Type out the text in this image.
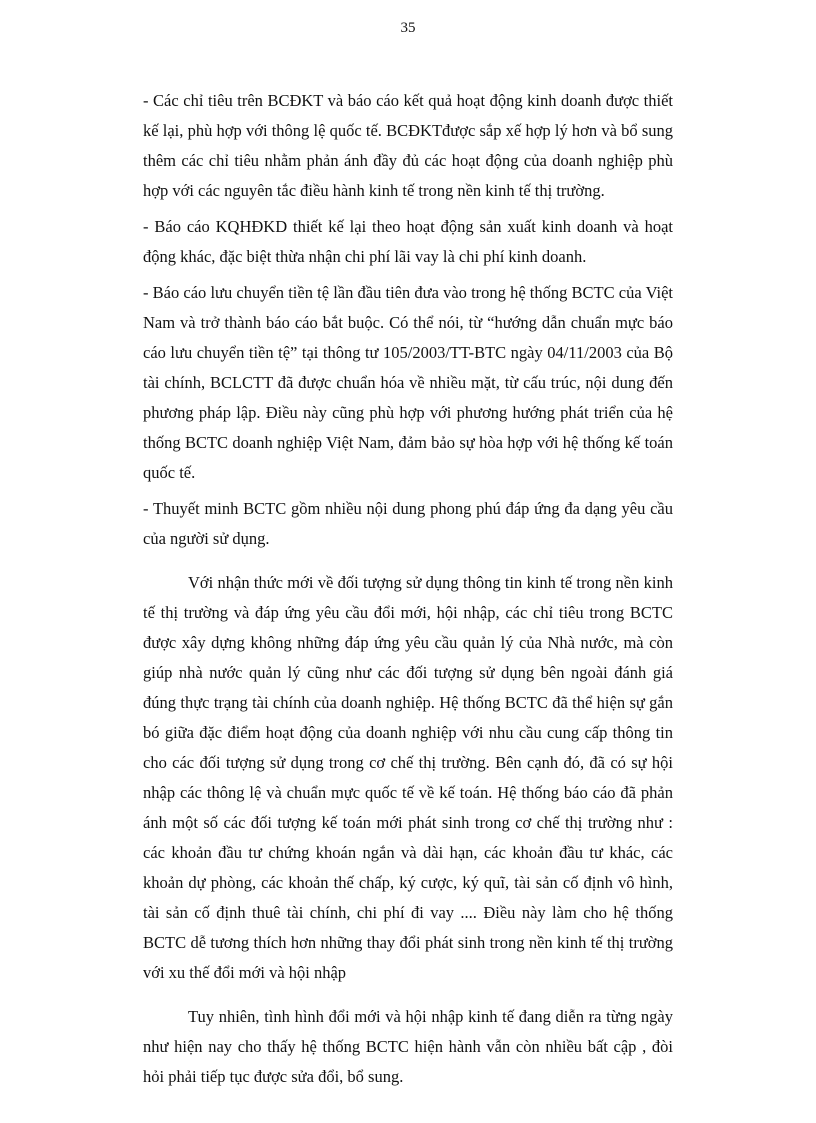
35

- Các chỉ tiêu trên BCĐKT và báo cáo kết quả hoạt động kinh doanh được thiết kế lại, phù hợp với thông lệ quốc tế. BCĐKTđược sắp xế hợp lý hơn và bổ sung thêm các chỉ tiêu nhằm phản ánh đầy đủ các hoạt động của doanh nghiệp phù hợp với các nguyên tắc điều hành kinh tế trong nền kinh tế thị trường.

- Báo cáo KQHĐKD thiết kế lại theo hoạt động sản xuất kinh doanh và hoạt động khác, đặc biệt thừa nhận chi phí lãi vay là chi phí kinh doanh.

- Báo cáo lưu chuyển tiền tệ lần đầu tiên đưa vào trong hệ thống BCTC của Việt Nam và trở thành báo cáo bắt buộc. Có thể nói, từ “hướng dẫn chuẩn mực báo cáo lưu chuyển tiền tệ” tại thông tư 105/2003/TT-BTC ngày 04/11/2003 của Bộ tài chính, BCLCTT đã được chuẩn hóa về nhiều mặt, từ cấu trúc, nội dung đến phương pháp lập. Điều này cũng phù hợp với phương hướng phát triển của hệ thống BCTC doanh nghiệp Việt Nam, đảm bảo sự hòa hợp với hệ thống kế toán quốc tế.

- Thuyết minh BCTC gồm nhiều nội dung phong phú đáp ứng đa dạng yêu cầu của người sử dụng.

Với nhận thức mới về đối tượng sử dụng thông tin kinh tế trong nền kinh tế thị trường và đáp ứng yêu cầu đổi mới, hội nhập, các chỉ tiêu trong BCTC được xây dựng không những đáp ứng yêu cầu quản lý của Nhà nước, mà còn giúp nhà nước quản lý cũng như các đối tượng sử dụng bên ngoài đánh giá đúng thực trạng tài chính của doanh nghiệp. Hệ thống BCTC đã thể hiện sự gắn bó giữa đặc điểm hoạt động của doanh nghiệp với nhu cầu cung cấp thông tin cho các đối tượng sử dụng trong cơ chế thị trường. Bên cạnh đó, đã có sự hội nhập các thông lệ và chuẩn mực quốc tế về kế toán. Hệ thống báo cáo đã phản ánh một số các đối tượng kế toán mới phát sinh trong cơ chế thị trường như : các khoản đầu tư chứng khoán ngắn và dài hạn, các khoản đầu tư khác, các khoản dự phòng, các khoản thế chấp, ký cược, ký quĩ, tài sản cố định vô hình, tài sản cố định thuê tài chính, chi phí đi vay .... Điều này làm cho hệ thống BCTC dễ tương thích hơn những thay đổi phát sinh trong nền kinh tế thị trường với xu thế đổi mới và hội nhập

Tuy nhiên, tình hình đổi mới và hội nhập kinh tế đang diễn ra từng ngày như hiện nay cho thấy hệ thống BCTC hiện hành vẫn còn nhiều bất cập , đòi hỏi phải tiếp tục được sửa đổi, bổ sung.
